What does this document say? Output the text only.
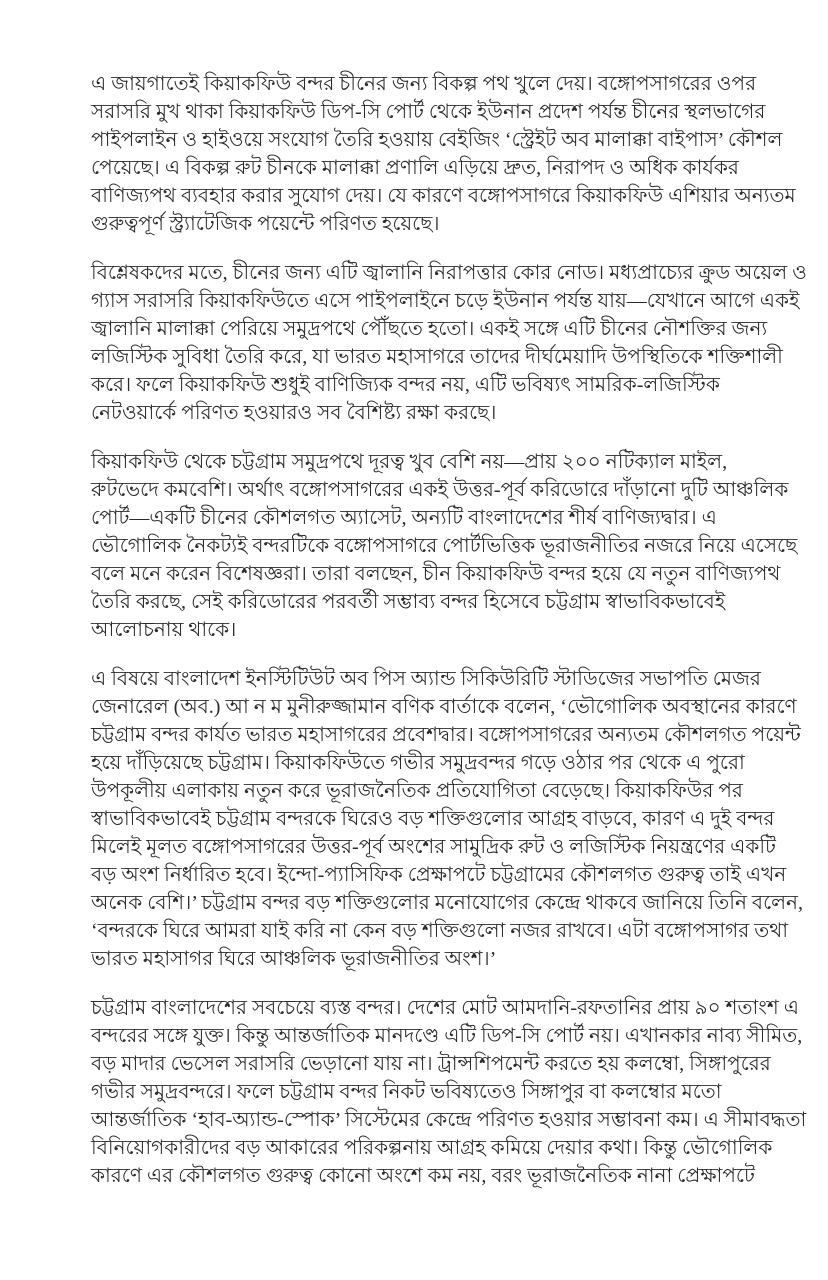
এ জায়গাতেই কিয়াকফিউ বন্দর চীনের জন্য বিকল্প পথ খুলে দেয়। বঙ্গোপসাগরের ওপর
সরাসরি মুখ থাকা কিয়াকফিউ ডিপ-সি পোর্ট থেকে ইউনান প্রদেশ পর্যন্ত চীনের স্থলভাগের
পাইপলাইন ও হাইওয়ে সংযোগ তৈরি হওয়ায় বেইজিং ‘স্ট্রেইট অব মালাক্কা বাইপাস’ কৌশল
পেয়েছে। এ বিকল্প রুট চীনকে মালাক্কা প্রণালি এড়িয়ে দ্রুত, নিরাপদ ও অধিক কার্যকর
বাণিজ্যপথ ব্যবহার করার সুযোগ দেয়। যে কারণে বঙ্গোপসাগরে কিয়াকফিউ এশিয়ার অন্যতম
গুরুত্বপূর্ণ স্ট্র্যাটেজিক পয়েন্টে পরিণত হয়েছে।

বিশ্লেষকদের মতে, চীনের জন্য এটি জ্বালানি নিরাপত্তার কোর নোড। মধ্যপ্রাচ্যের ক্রুড অয়েল ও
গ্যাস সরাসরি কিয়াকফিউতে এসে পাইপলাইনে চড়ে ইউনান পর্যন্ত যায়—যেখানে আগে একই
জ্বালানি মালাক্কা পেরিয়ে সমুদ্রপথে পৌঁছতে হতো। একই সঙ্গে এটি চীনের নৌশক্তির জন্য
লজিস্টিক সুবিধা তৈরি করে, যা ভারত মহাসাগরে তাদের দীর্ঘমেয়াদি উপস্থিতিকে শক্তিশালী
করে। ফলে কিয়াকফিউ শুধুই বাণিজ্যিক বন্দর নয়, এটি ভবিষ্যৎ সামরিক-লজিস্টিক
নেটওয়ার্কে পরিণত হওয়ারও সব বৈশিষ্ট্য রক্ষা করছে।

কিয়াকফিউ থেকে চট্টগ্রাম সমুদ্রপথে দূরত্ব খুব বেশি নয়—প্রায় ২০০ নটিক্যাল মাইল,
রুটভেদে কমবেশি। অর্থাৎ বঙ্গোপসাগরের একই উত্তর-পূর্ব করিডোরে দাঁড়ানো দুটি আঞ্চলিক
পোর্ট—একটি চীনের কৌশলগত অ্যাসেট, অন্যটি বাংলাদেশের শীর্ষ বাণিজ্যদ্বার। এ
ভৌগোলিক নৈকট্যই বন্দরটিকে বঙ্গোপসাগরে পোর্টভিত্তিক ভূরাজনীতির নজরে নিয়ে এসেছে
বলে মনে করেন বিশেষজ্ঞরা। তারা বলছেন, চীন কিয়াকফিউ বন্দর হয়ে যে নতুন বাণিজ্যপথ
তৈরি করছে, সেই করিডোরের পরবর্তী সম্ভাব্য বন্দর হিসেবে চট্টগ্রাম স্বাভাবিকভাবেই
আলোচনায় থাকে।

এ বিষয়ে বাংলাদেশ ইনস্টিটিউট অব পিস অ্যান্ড সিকিউরিটি স্টাডিজের সভাপতি মেজর
জেনারেল (অব.) আ ন ম মুনীরুজ্জামান বণিক বার্তাকে বলেন, ‘ভৌগোলিক অবস্থানের কারণে
চট্টগ্রাম বন্দর কার্যত ভারত মহাসাগরের প্রবেশদ্বার। বঙ্গোপসাগরের অন্যতম কৌশলগত পয়েন্ট
হয়ে দাঁড়িয়েছে চট্টগ্রাম। কিয়াকফিউতে গভীর সমুদ্রবন্দর গড়ে ওঠার পর থেকে এ পুরো
উপকূলীয় এলাকায় নতুন করে ভূরাজনৈতিক প্রতিযোগিতা বেড়েছে। কিয়াকফিউর পর
স্বাভাবিকভাবেই চট্টগ্রাম বন্দরকে ঘিরেও বড় শক্তিগুলোর আগ্রহ বাড়বে, কারণ এ দুই বন্দর
মিলেই মূলত বঙ্গোপসাগরের উত্তর-পূর্ব অংশের সামুদ্রিক রুট ও লজিস্টিক নিয়ন্ত্রণের একটি
বড় অংশ নির্ধারিত হবে। ইন্দো-প্যাসিফিক প্রেক্ষাপটে চট্টগ্রামের কৌশলগত গুরুত্ব তাই এখন
অনেক বেশি।’ চট্টগ্রাম বন্দর বড় শক্তিগুলোর মনোযোগের কেন্দ্রে থাকবে জানিয়ে তিনি বলেন,
‘বন্দরকে ঘিরে আমরা যাই করি না কেন বড় শক্তিগুলো নজর রাখবে। এটা বঙ্গোপসাগর তথা
ভারত মহাসাগর ঘিরে আঞ্চলিক ভূরাজনীতির অংশ।’

চট্টগ্রাম বাংলাদেশের সবচেয়ে ব্যস্ত বন্দর। দেশের মোট আমদানি-রফতানির প্রায় ৯০ শতাংশ এ
বন্দরের সঙ্গে যুক্ত। কিন্তু আন্তর্জাতিক মানদণ্ডে এটি ডিপ-সি পোর্ট নয়। এখানকার নাব্য সীমিত,
বড় মাদার ভেসেল সরাসরি ভেড়ানো যায় না। ট্রান্সশিপমেন্ট করতে হয় কলম্বো, সিঙ্গাপুরের
গভীর সমুদ্রবন্দরে। ফলে চট্টগ্রাম বন্দর নিকট ভবিষ্যতেও সিঙ্গাপুর বা কলম্বোর মতো
আন্তর্জাতিক ‘হাব-অ্যান্ড-স্পোক’ সিস্টেমের কেন্দ্রে পরিণত হওয়ার সম্ভাবনা কম। এ সীমাবদ্ধতা
বিনিয়োগকারীদের বড় আকারের পরিকল্পনায় আগ্রহ কমিয়ে দেয়ার কথা। কিন্তু ভৌগোলিক
কারণে এর কৌশলগত গুরুত্ব কোনো অংশে কম নয়, বরং ভূরাজনৈতিক নানা প্রেক্ষাপটে
